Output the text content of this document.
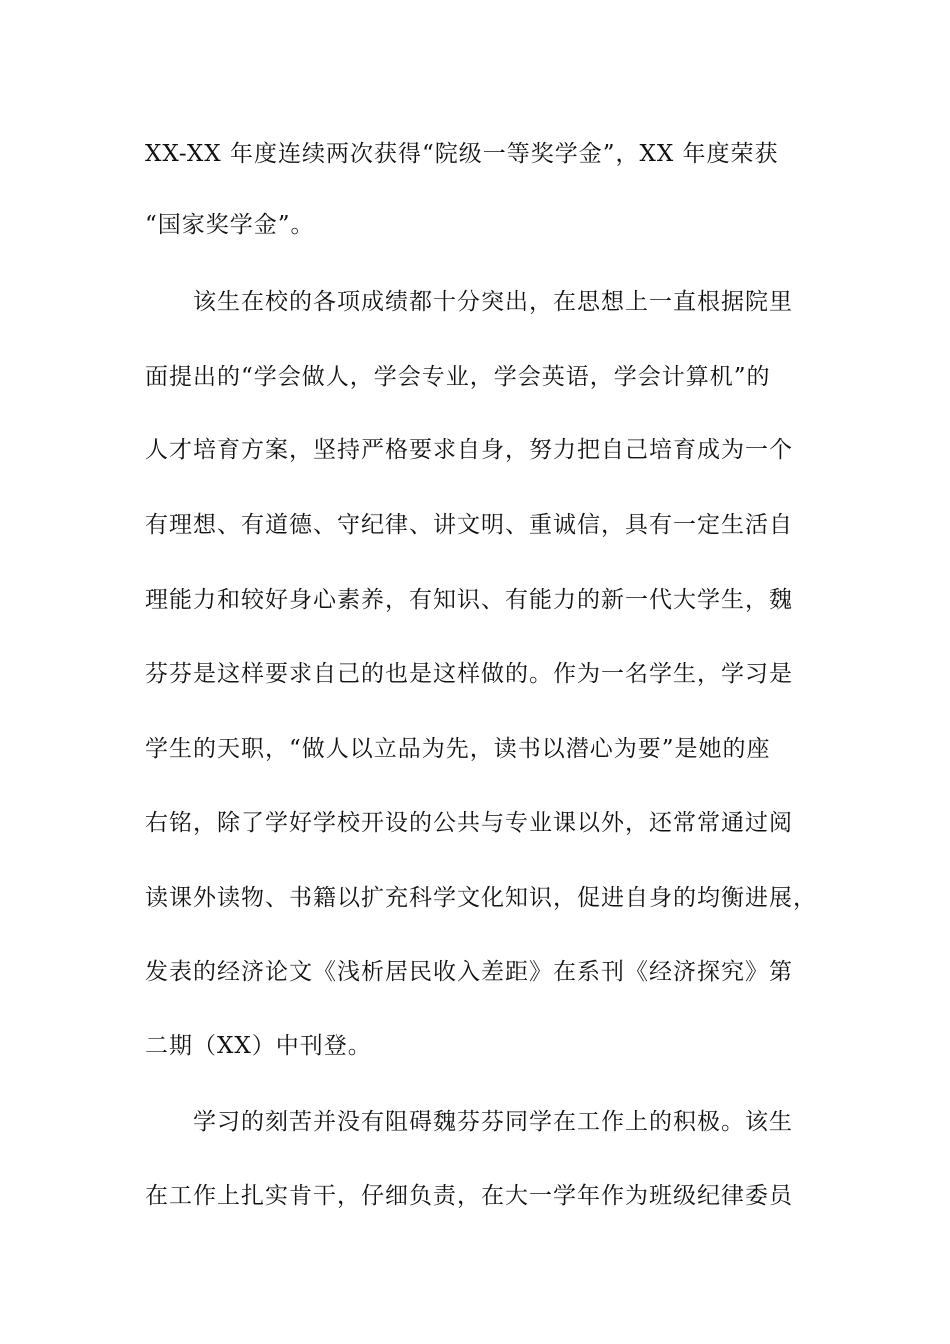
XX-XX 年度连续两次获得“院级一等奖学金”，XX 年度荣获
“国家奖学金”。
该生在校的各项成绩都十分突出，在思想上一直根据院里
面提出的“学会做人，学会专业，学会英语，学会计算机”的
人才培育方案，坚持严格要求自身，努力把自己培育成为一个
有理想、有道德、守纪律、讲文明、重诚信，具有一定生活自
理能力和较好身心素养，有知识、有能力的新一代大学生，魏
芬芬是这样要求自己的也是这样做的。作为一名学生，学习是
学生的天职，“做人以立品为先，读书以潜心为要”是她的座
右铭，除了学好学校开设的公共与专业课以外，还常常通过阅
读课外读物、书籍以扩充科学文化知识，促进自身的均衡进展，
发表的经济论文《浅析居民收入差距》在系刊《经济探究》第
二期（XX）中刊登。
学习的刻苦并没有阻碍魏芬芬同学在工作上的积极。该生
在工作上扎实肯干，仔细负责，在大一学年作为班级纪律委员
